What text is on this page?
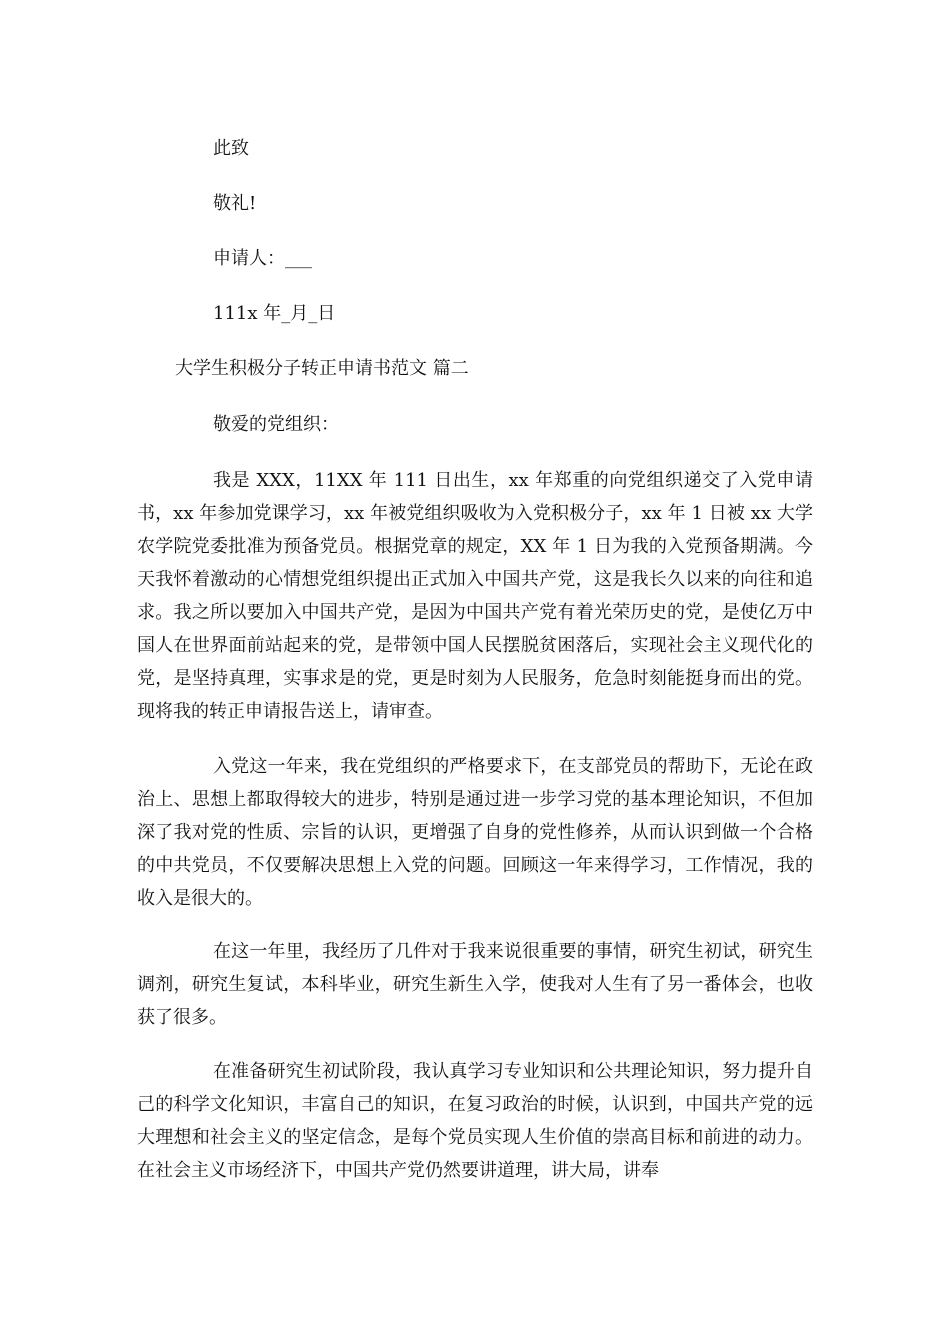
此致
敬礼!
申请人：___
111x 年_月_日
大学生积极分子转正申请书范文 篇二
敬爱的党组织：

我是 XXX，11XX 年 111 日出生，xx 年郑重的向党组织递交了入党申请书，xx 年参加党课学习，xx 年被党组织吸收为入党积极分子，xx 年 1 日被 xx 大学农学院党委批准为预备党员。根据党章的规定，XX 年 1 日为我的入党预备期满。今天我怀着激动的心情想党组织提出正式加入中国共产党，这是我长久以来的向往和追求。我之所以要加入中国共产党，是因为中国共产党有着光荣历史的党，是使亿万中国人在世界面前站起来的党，是带领中国人民摆脱贫困落后，实现社会主义现代化的党，是坚持真理，实事求是的党，更是时刻为人民服务，危急时刻能挺身而出的党。现将我的转正申请报告送上，请审查。

入党这一年来，我在党组织的严格要求下，在支部党员的帮助下，无论在政治上、思想上都取得较大的进步，特别是通过进一步学习党的基本理论知识，不但加深了我对党的性质、宗旨的认识，更增强了自身的党性修养，从而认识到做一个合格的中共党员，不仅要解决思想上入党的问题。回顾这一年来得学习，工作情况，我的收入是很大的。

在这一年里，我经历了几件对于我来说很重要的事情，研究生初试，研究生调剂，研究生复试，本科毕业，研究生新生入学，使我对人生有了另一番体会，也收获了很多。

在准备研究生初试阶段，我认真学习专业知识和公共理论知识，努力提升自己的科学文化知识，丰富自己的知识，在复习政治的时候，认识到，中国共产党的远大理想和社会主义的坚定信念，是每个党员实现人生价值的崇高目标和前进的动力。在社会主义市场经济下，中国共产党仍然要讲道理，讲大局，讲奉
